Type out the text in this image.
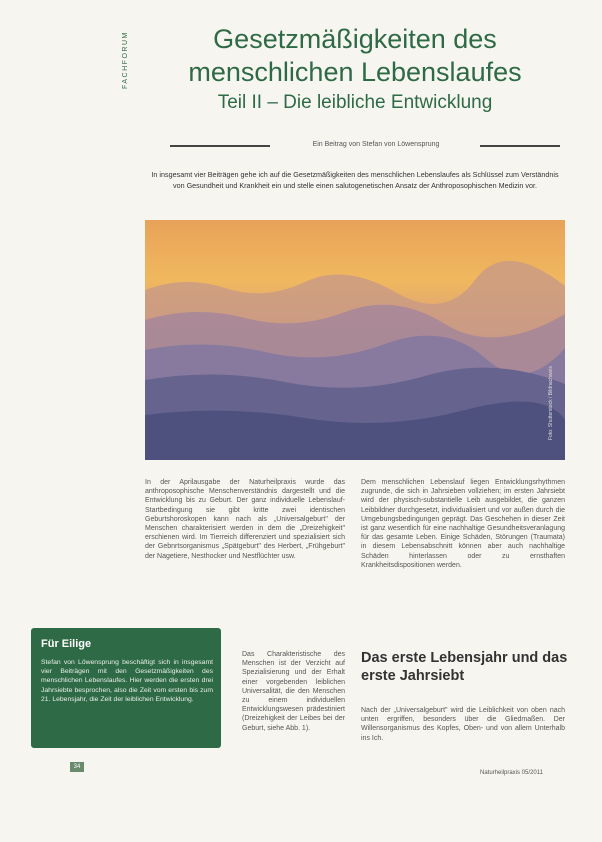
FACHFORUM	Gesetzmäßigkeiten des
menschlichen Lebenslaufes
Teil II – Die leibliche Entwicklung
Ein Beitrag von Stefan von Löwensprung

In insgesamt vier Beiträgen gehe ich auf die Gesetzmäßigkeiten des menschlichen Lebenslaufes als Schlüssel zum Verständnis von Gesundheit und Krankheit ein und stelle einen salutogenetischen Ansatz der Anthroposophischen Medizin vor.

Foto: Shutterstock / Bildnachweis

In der Aprilausgabe der Naturheilpraxis wurde das anthroposophische Menschenverständnis dargestellt und die Entwicklung bis zu Geburt. Der ganz individuelle Lebenslauf-Startbedingung sie gibt kritte zwei identischen Geburtshoroskopen kann nach als „Universalgeburt" der Menschen charakterisiert werden in dem die „Dreizehigkeit" erschienen wird. Im Tierreich differenziert und spezialisiert sich der Gebnrtsorganismus „Spätgeburt" des Herbert, „Frühgeburt" der Nagetiere, Nesthocker und Nestflüchter usw.

Das Charakteristische des Menschen ist der Verzicht auf Spezialisierung und der Erhalt einer vorgebenden leiblichen Universalität, die den Menschen zu einem individuellen Entwicklungswesen prädestiniert (Dreizehigkeit der Leibes bei der Geburt, siehe Abb. 1).

Dem menschlichen Lebenslauf liegen Entwicklungsrhythmen zugrunde, die sich in Jahrsieben vollziehen; im ersten Jahrsiebt wird der physisch-substantielle Leib ausgebildet, die ganzen Leibbildner durchgesetzt, individualisiert und vor außen durch die Umgebungsbedingungen geprägt. Das Geschehen in dieser Zeit ist ganz wesentlich für eine nachhaltige Gesundheitsveranlagung für das gesamte Leben. Einige Schäden, Störungen (Traumata) in diesem Lebensabschnitt können aber auch nachhaltige Schäden hinterlassen oder zu ernsthaften Krankheitsdispositionen werden.

Das erste Lebensjahr und das erste Jahrsiebt

Nach der „Universalgeburt" wird die Leiblichkeit von oben nach unten ergriffen, besonders über die Gliedmaßen. Der Willensorganismus des Kopfes, Oben- und von allem Unterhalb ins Ich.

Für Eilige

Stefan von Löwensprung beschäftigt sich in insgesamt vier Beiträgen mit den Gesetzmäßigkeiten des menschlichen Lebenslaufes. Hier werden die ersten drei Jahrsiebte besprochen, also die Zeit vom ersten bis zum 21. Lebensjahr, die Zeit der leiblichen Entwicklung.

34
Naturheilpraxis 05/2011
